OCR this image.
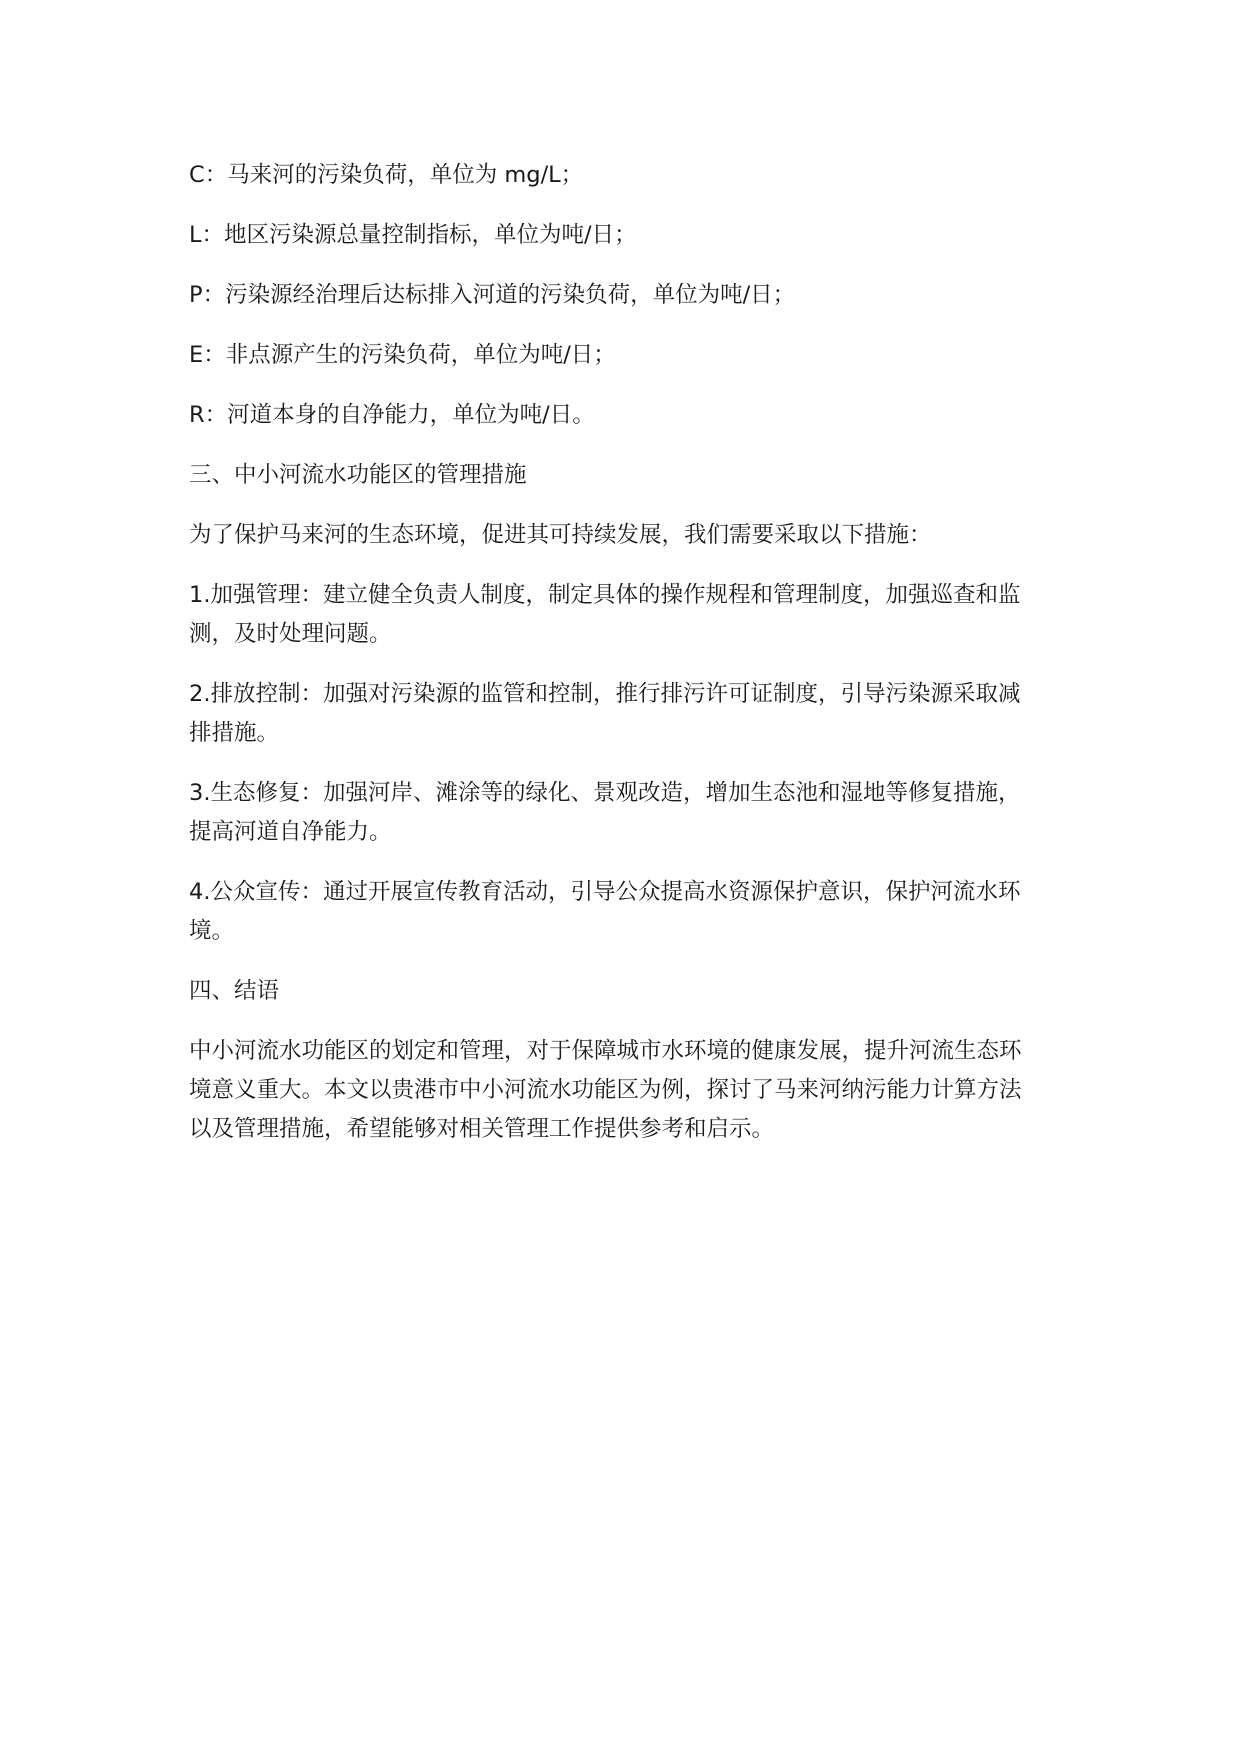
C：马来河的污染负荷，单位为 mg/L；

L：地区污染源总量控制指标，单位为吨/日；

P：污染源经治理后达标排入河道的污染负荷，单位为吨/日；

E：非点源产生的污染负荷，单位为吨/日；

R：河道本身的自净能力，单位为吨/日。

三、中小河流水功能区的管理措施

为了保护马来河的生态环境，促进其可持续发展，我们需要采取以下措施：

1.加强管理：建立健全负责人制度，制定具体的操作规程和管理制度，加强巡查和监
测，及时处理问题。

2.排放控制：加强对污染源的监管和控制，推行排污许可证制度，引导污染源采取减
排措施。

3.生态修复：加强河岸、滩涂等的绿化、景观改造，增加生态池和湿地等修复措施，
提高河道自净能力。

4.公众宣传：通过开展宣传教育活动，引导公众提高水资源保护意识，保护河流水环
境。

四、结语

中小河流水功能区的划定和管理，对于保障城市水环境的健康发展，提升河流生态环
境意义重大。本文以贵港市中小河流水功能区为例，探讨了马来河纳污能力计算方法
以及管理措施，希望能够对相关管理工作提供参考和启示。
